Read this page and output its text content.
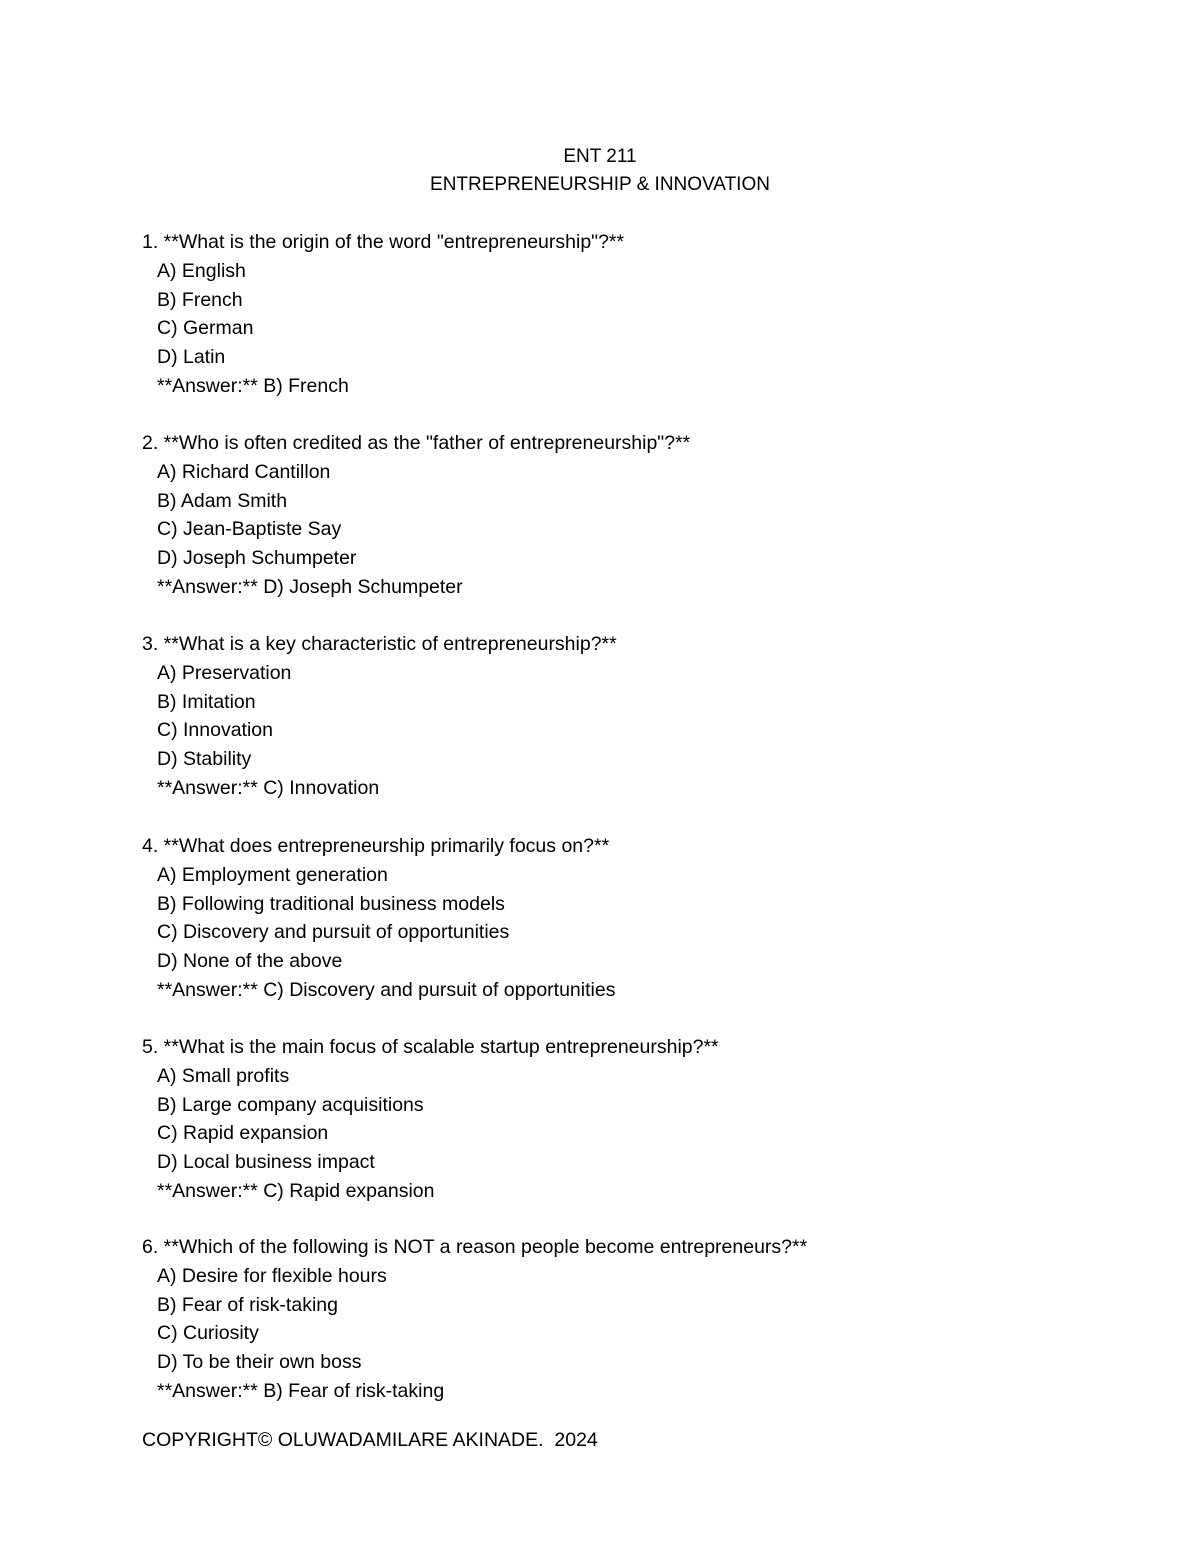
ENT 211
ENTREPRENEURSHIP & INNOVATION
1. **What is the origin of the word "entrepreneurship"?**
A) English
B) French
C) German
D) Latin
**Answer:** B) French
2. **Who is often credited as the "father of entrepreneurship"?**
A) Richard Cantillon
B) Adam Smith
C) Jean-Baptiste Say
D) Joseph Schumpeter
**Answer:** D) Joseph Schumpeter
3. **What is a key characteristic of entrepreneurship?**
A) Preservation
B) Imitation
C) Innovation
D) Stability
**Answer:** C) Innovation
4. **What does entrepreneurship primarily focus on?**
A) Employment generation
B) Following traditional business models
C) Discovery and pursuit of opportunities
D) None of the above
**Answer:** C) Discovery and pursuit of opportunities
5. **What is the main focus of scalable startup entrepreneurship?**
A) Small profits
B) Large company acquisitions
C) Rapid expansion
D) Local business impact
**Answer:** C) Rapid expansion
6. **Which of the following is NOT a reason people become entrepreneurs?**
A) Desire for flexible hours
B) Fear of risk-taking
C) Curiosity
D) To be their own boss
**Answer:** B) Fear of risk-taking
COPYRIGHT© OLUWADAMILARE AKINADE.  2024
